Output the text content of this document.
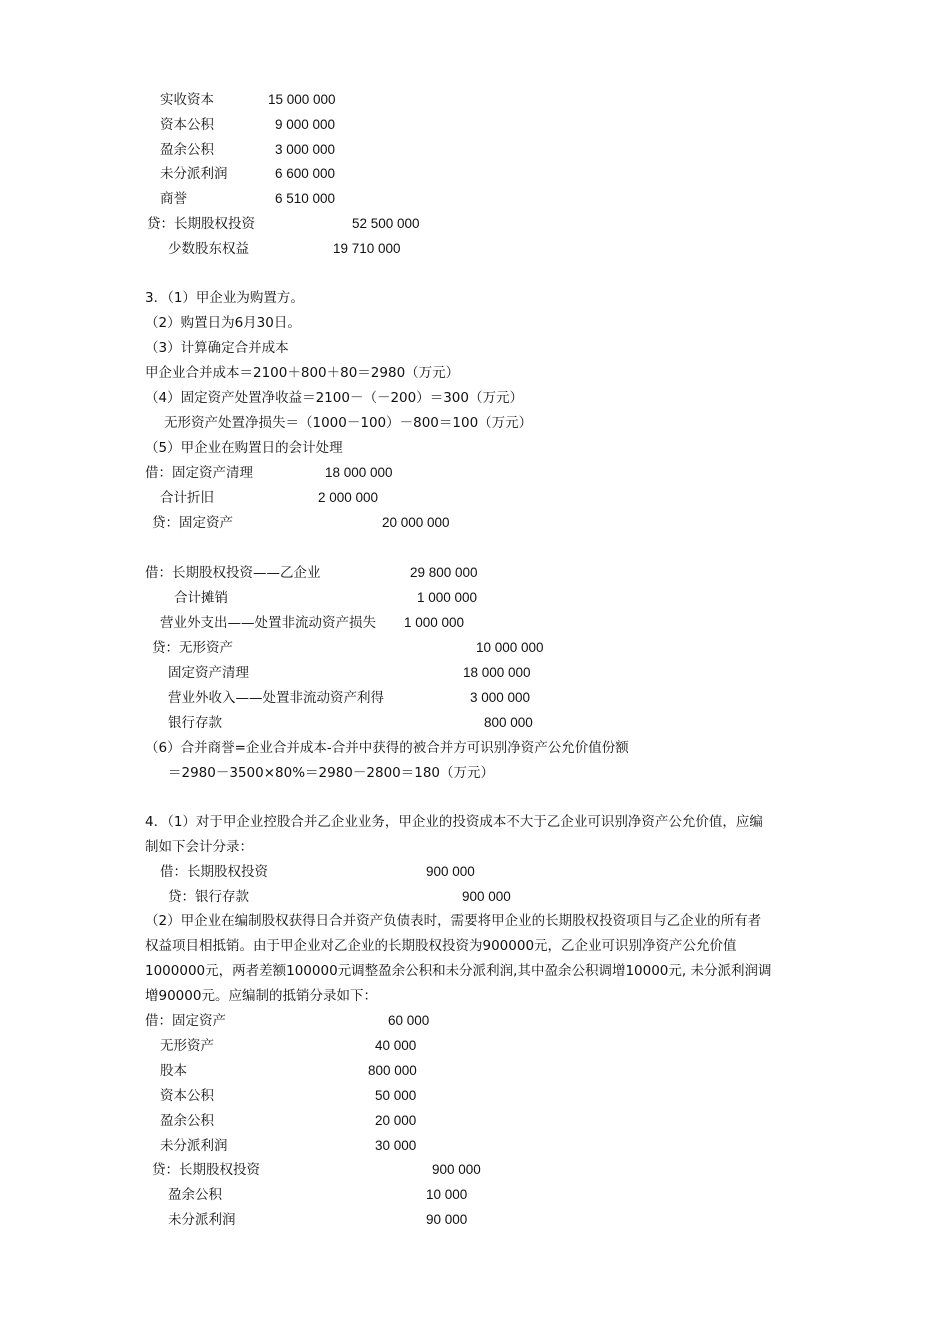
实收资本	15 000 000
资本公积	9 000 000
盈余公积	3 000 000
未分派利润	6 600 000
商誉	6 510 000
贷：长期股权投资	52 500 000
少数股东权益	19 710 000
3．（1）甲企业为购置方。
（2）购置日为6月30日。
（3）计算确定合并成本
甲企业合并成本＝2100＋800＋80＝2980（万元）
（4）固定资产处置净收益＝2100－（－200）＝300（万元）
无形资产处置净损失＝（1000－100）－800＝100（万元）
（5）甲企业在购置日的会计处理
借：固定资产清理	18 000 000
合计折旧	2 000 000
贷：固定资产	20 000 000
借：长期股权投资——乙企业	29 800 000
合计摊销	1 000 000
营业外支出——处置非流动资产损失 1 000 000
贷：无形资产	10 000 000
固定资产清理	18 000 000
营业外收入——处置非流动资产利得	3 000 000
银行存款	800 000
（6）合并商誉=企业合并成本-合并中获得的被合并方可识别净资产公允价值份额
＝2980－3500×80%＝2980－2800＝180（万元）
4．（1）对于甲企业控股合并乙企业业务，甲企业的投资成本不大于乙企业可识别净资产公允价值，应编
制如下会计分录：
借：长期股权投资	900 000
贷：银行存款	900 000
（2）甲企业在编制股权获得日合并资产负债表时，需要将甲企业的长期股权投资项目与乙企业的所有者
权益项目相抵销。由于甲企业对乙企业的长期股权投资为900000元，乙企业可识别净资产公允价值
1000000元，两者差额100000元调整盈余公积和未分派利润,其中盈余公积调增10000元, 未分派利润调
增90000元。应编制的抵销分录如下：
借：固定资产	60 000
无形资产	40 000
股本	800 000
资本公积	50 000
盈余公积	20 000
未分派利润	30 000
贷：长期股权投资	900 000
盈余公积	10 000
未分派利润	90 000
